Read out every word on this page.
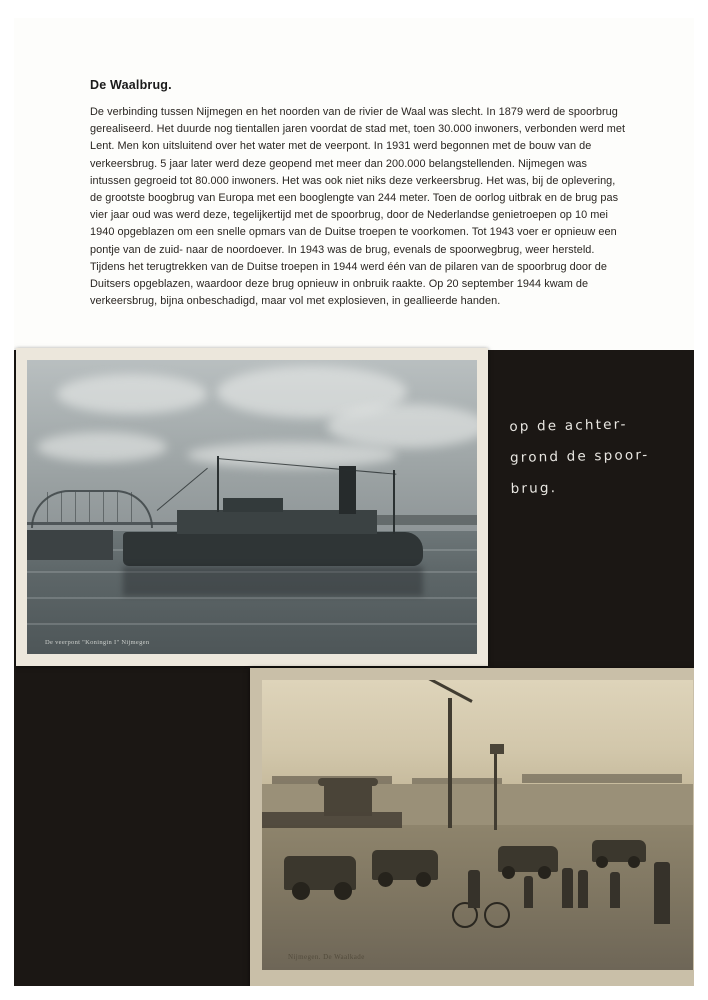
De Waalbrug.

De verbinding tussen Nijmegen en het noorden van de rivier de Waal was slecht. In 1879 werd de spoorbrug gerealiseerd. Het duurde nog tientallen jaren voordat de stad met, toen 30.000 inwoners, verbonden werd met Lent. Men kon uitsluitend over het water met de veerpont. In 1931 werd begonnen met de bouw van de verkeersbrug. 5 jaar later werd deze geopend met meer dan 200.000 belangstellenden. Nijmegen was intussen gegroeid tot 80.000 inwoners. Het was ook niet niks deze verkeersbrug. Het was, bij de oplevering, de grootste boogbrug van Europa met een booglengte van 244 meter. Toen de oorlog uitbrak en de brug pas vier jaar oud was werd deze, tegelijkertijd met de spoorbrug, door de Nederlandse genietroepen op 10 mei 1940 opgeblazen om een snelle opmars van de Duitse troepen te voorkomen. Tot 1943 voer er opnieuw een pontje van de zuid- naar de noordoever. In 1943 was de brug, evenals de spoorwegbrug, weer hersteld. Tijdens het terugtrekken van de Duitse troepen in 1944 werd één van de pilaren van de spoorbrug door de Duitsers opgeblazen, waardoor deze brug opnieuw in onbruik raakte. Op 20 september 1944 kwam de verkeersbrug, bijna onbeschadigd, maar vol met explosieven, in geallieerde handen.

De veerpont "Koningin I" Nijmegen
op de achter-
grond de spoor-
brug.
Nijmegen. De Waalkade
